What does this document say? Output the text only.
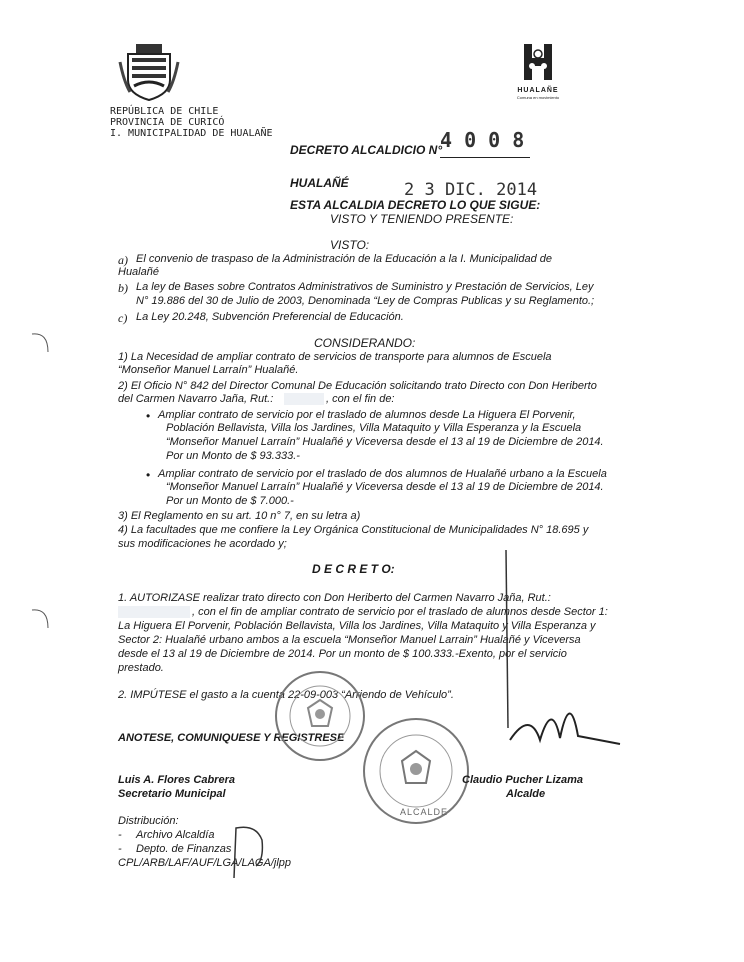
REPÚBLICA DE CHILE
PROVINCIA DE CURICÓ
I. MUNICIPALIDAD DE HUALAÑE
HUALAÑE
Comuna en movimiento
DECRETO ALCALDICIO N°
4 0 0 8
HUALAÑÉ	2 3 DIC. 2014
ESTA ALCALDIA DECRETO LO QUE SIGUE:
VISTO Y TENIENDO PRESENTE:
VISTO:
a) El convenio de traspaso de la Administración de la Educación a la I. Municipalidad de
Hualañé
b) La ley de Bases sobre Contratos Administrativos de Suministro y Prestación de Servicios, Ley
N° 19.886 del 30 de Julio de 2003, Denominada “Ley de Compras Publicas y su Reglamento.;
c) La Ley 20.248, Subvención Preferencial de Educación.
CONSIDERANDO:
1) La Necesidad de ampliar contrato de servicios de transporte para alumnos de Escuela
“Monseñor Manuel Larraín” Hualañé.
2) El Oficio N° 842 del Director Comunal De Educación solicitando trato Directo con Don Heriberto
del Carmen Navarro Jaña, Rut.:	, con el fin de:
• Ampliar contrato de servicio por el traslado de alumnos desde La Higuera El Porvenir,
Población Bellavista, Villa los Jardines, Villa Mataquito y Villa Esperanza y la Escuela
“Monseñor Manuel Larraín” Hualañé y Viceversa desde el 13 al 19 de Diciembre de 2014.
Por un Monto de $ 93.333.-
• Ampliar contrato de servicio por el traslado de dos alumnos de Hualañé urbano a la Escuela
“Monseñor Manuel Larraín” Hualañé y Viceversa desde el 13 al 19 de Diciembre de 2014.
Por un Monto de $ 7.000.-
3) El Reglamento en su art. 10 n° 7, en su letra a)
4) La facultades que me confiere la Ley Orgánica Constitucional de Municipalidades N° 18.695 y
sus modificaciones he acordado y;
D E C R E T O:
1. AUTORIZASE realizar trato directo con Don Heriberto del Carmen Navarro Jaña, Rut.:
, con el fin de ampliar contrato de servicio por el traslado de alumnos desde Sector 1:
La Higuera El Porvenir, Población Bellavista, Villa los Jardines, Villa Mataquito y Villa Esperanza y
Sector 2: Hualañé urbano ambos a la escuela “Monseñor Manuel Larrain” Hualañé y Viceversa
desde el 13 al 19 de Diciembre de 2014. Por un monto de $ 100.333.-Exento, por el servicio
prestado.
2. IMPÚTESE el gasto a la cuenta 22-09-003 “Arriendo de Vehículo”.
ANOTESE, COMUNIQUESE Y REGISTRESE
ALCALDE
Luis A. Flores Cabrera
Secretario Municipal
Claudio Pucher Lizama
Alcalde
Distribución:
- Archivo Alcaldía
- Depto. de Finanzas
CPL/ARB/LAF/AUF/LGA/LAGA/jlpp
